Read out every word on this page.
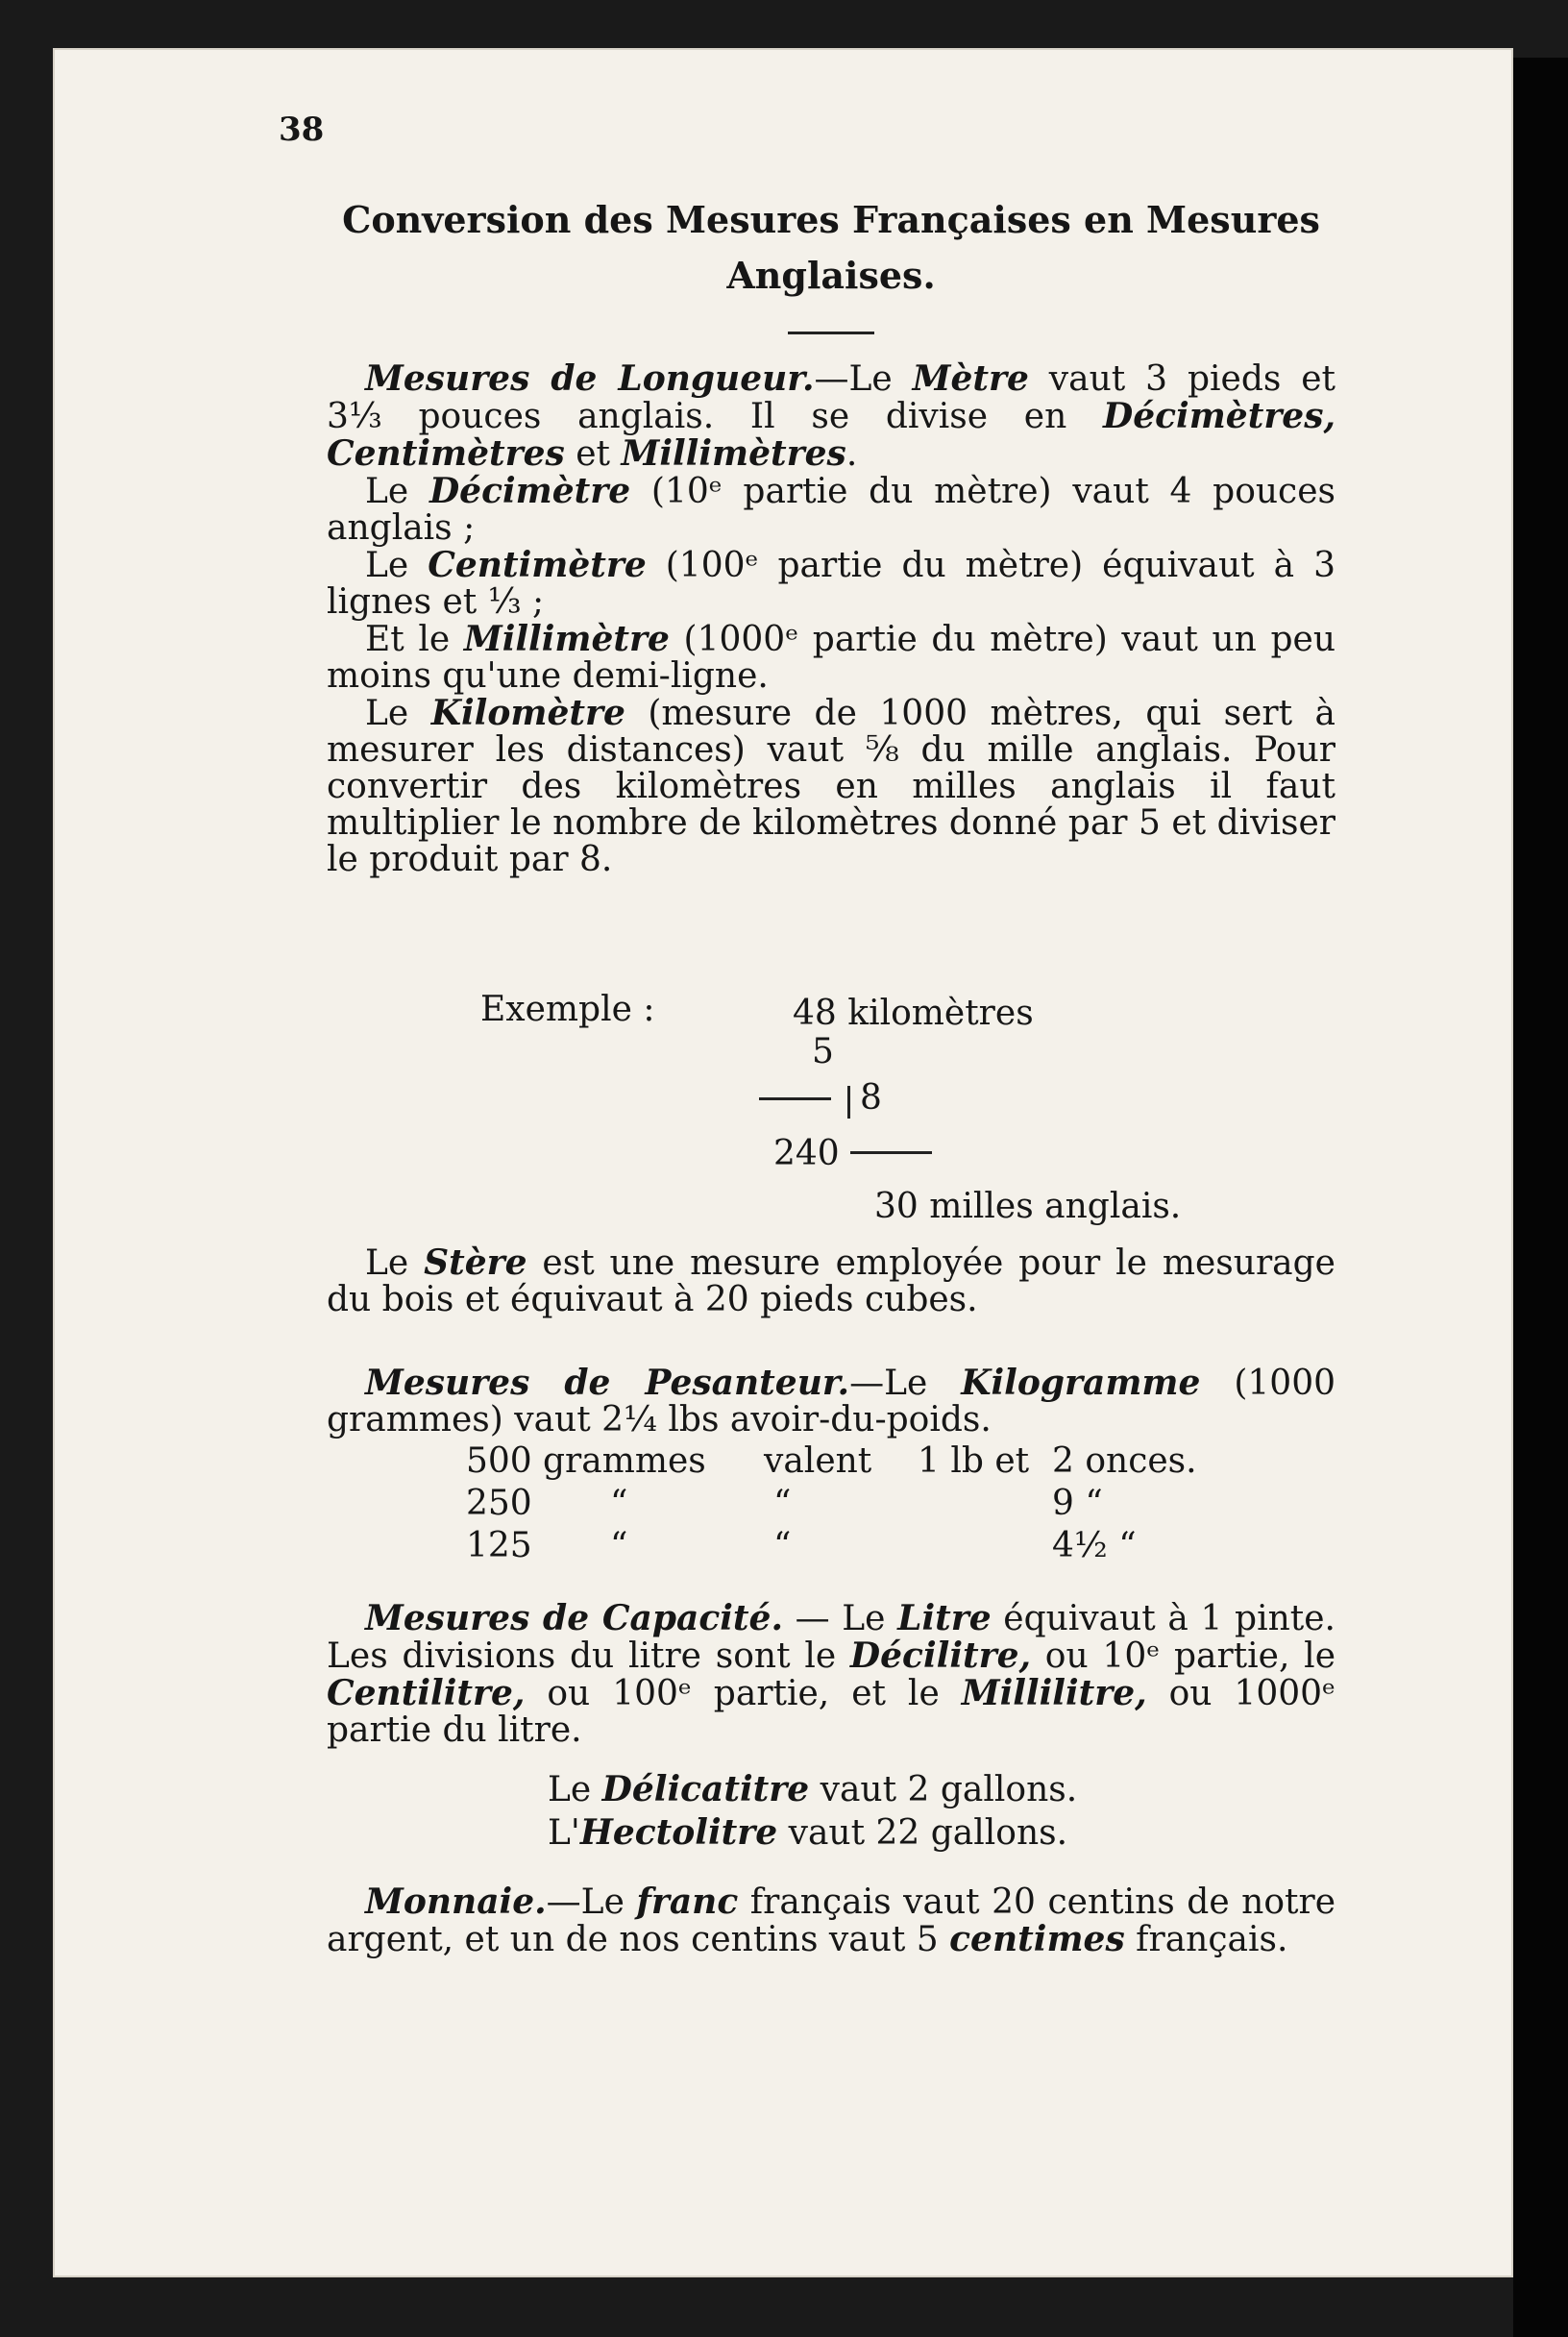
38
Conversion des Mesures Françaises en Mesures Anglaises.

Mesures de Longueur.—Le Mètre vaut 3 pieds et 3⅓ pouces anglais. Il se divise en Décimètres, Centimètres et Millimètres.

Le Décimètre (10ᵉ partie du mètre) vaut 4 pouces anglais ;

Le Centimètre (100ᵉ partie du mètre) équivaut à 3 lignes et ⅓ ;

Et le Millimètre (1000ᵉ partie du mètre) vaut un peu moins qu'une demi-ligne.

Le Kilomètre (mesure de 1000 mètres, qui sert à mesurer les distances) vaut ⅝ du mille anglais. Pour convertir des kilomètres en milles anglais il faut multiplier le nombre de kilomètres donné par 5 et diviser le produit par 8.

Exemple :	48 kilomètres
5
8
240
30 milles anglais.

Le Stère est une mesure employée pour le mesurage du bois et équivaut à 20 pieds cubes.

Mesures de Pesanteur.—Le Kilogramme (1000 grammes) vaut 2¼ lbs avoir-du-poids.

500 grammes valent 1 lb et 2 onces.
250 “	“	9 “
125 “	“	4½ “

Mesures de Capacité. — Le Litre équivaut à 1 pinte. Les divisions du litre sont le Décilitre, ou 10ᵉ partie, le Centilitre, ou 100ᵉ partie, et le Millilitre, ou 1000ᵉ partie du litre.

Le Délicatitre vaut 2 gallons.
L'Hectolitre vaut 22 gallons.

Monnaie.—Le franc français vaut 20 centins de notre argent, et un de nos centins vaut 5 centimes français.
